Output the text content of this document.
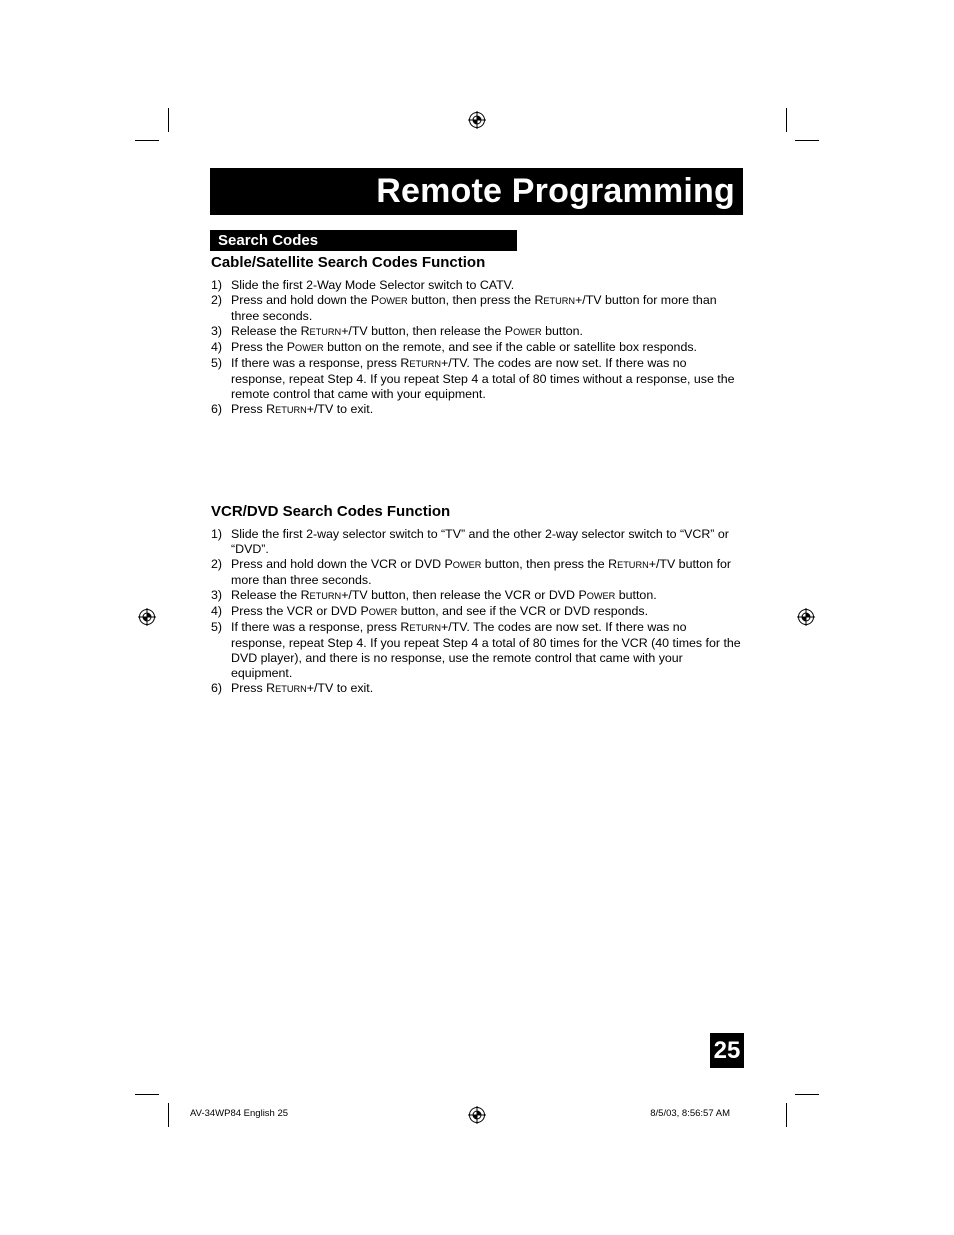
Remote Programming
Search Codes
Cable/Satellite Search Codes Function
1) Slide the first 2-Way Mode Selector switch to CATV.
2) Press and hold down the POWER button, then press the RETURN+/TV button for more than three seconds.
3) Release the RETURN+/TV button, then release the POWER button.
4) Press the POWER button on the remote, and see if the cable or satellite box responds.
5) If there was a response, press RETURN+/TV. The codes are now set. If there was no response, repeat Step 4. If you repeat Step 4 a total of 80 times without a response, use the remote control that came with your equipment.
6) Press RETURN+/TV to exit.
VCR/DVD Search Codes Function
1) Slide the first 2-way selector switch to “TV” and the other 2-way selector switch to “VCR” or “DVD”.
2) Press and hold down the VCR or DVD POWER button, then press the RETURN+/TV button for more than three seconds.
3) Release the RETURN+/TV button, then release the VCR or DVD POWER button.
4) Press the VCR or DVD POWER button, and see if the VCR or DVD responds.
5) If there was a response, press RETURN+/TV. The codes are now set. If there was no response, repeat Step 4. If you repeat Step 4 a total of 80 times for the VCR (40 times for the DVD player), and there is no response, use the remote control that came with your equipment.
6) Press RETURN+/TV to exit.
25
AV-34WP84 English 25	8/5/03, 8:56:57 AM
